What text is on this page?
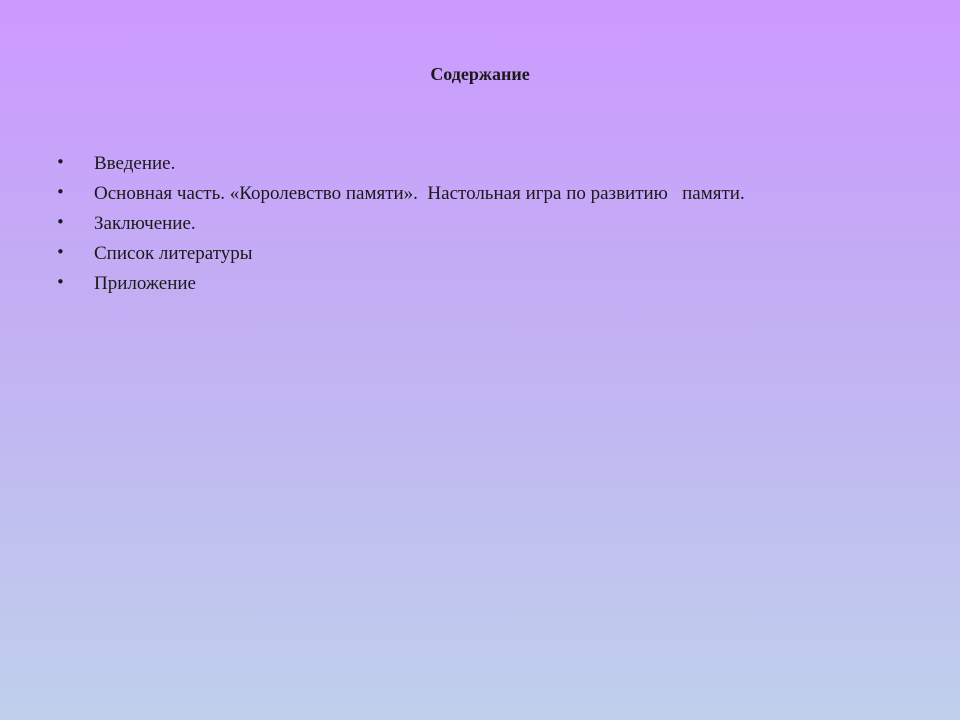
Содержание

•

Введение.

•

Основная часть. «Королевство памяти».  Настольная игра по развитию   памяти.

•

Заключение.

•

Список литературы

•

Приложение
